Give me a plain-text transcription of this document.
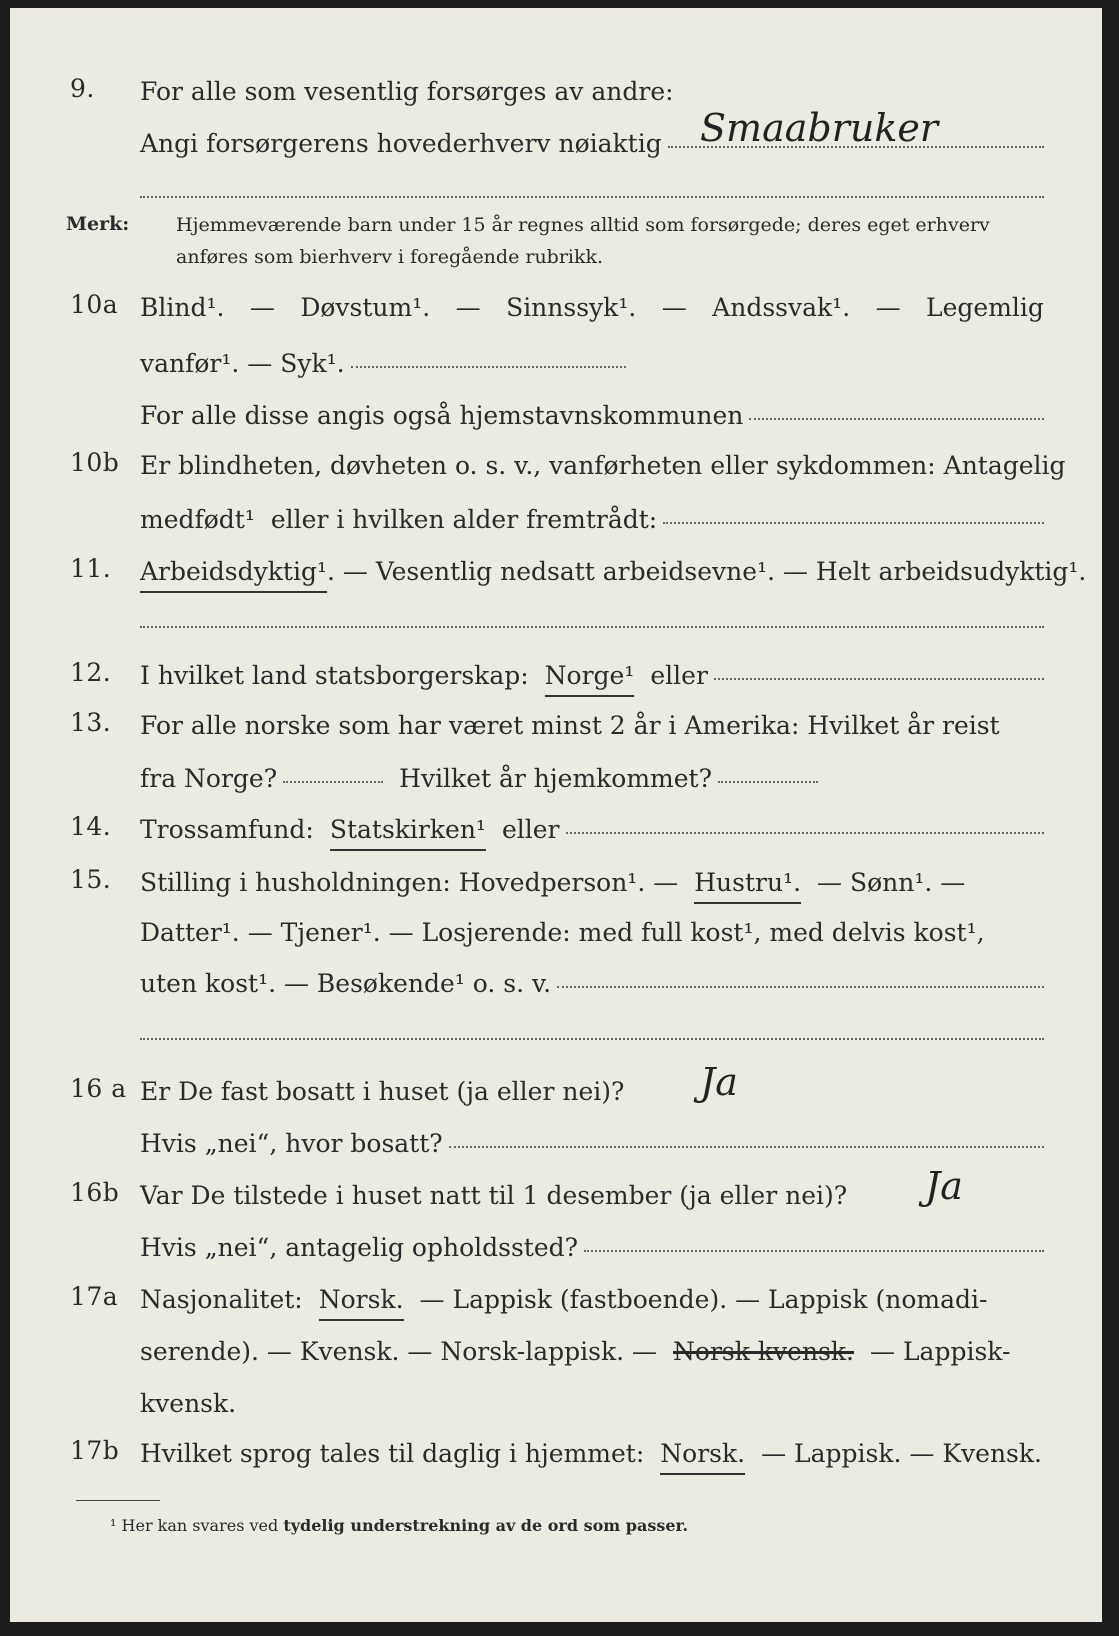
9. For alle som vesentlig forsørges av andre:
Angi forsørgerens hovederhverv nøiaktig Smaabruker
Merk: Hjemmeværende barn under 15 år regnes alltid som forsørgede; deres eget erhverv anføres som bierhverv i foregående rubrikk.
10a Blind¹. — Døvstum¹. — Sinnssyk¹. — Andssvak¹. — Legemlig
vanfør¹. — Syk¹.
For alle disse angis også hjemstavnskommunen
10b Er blindheten, døvheten o. s. v., vanførheten eller sykdommen: Antagelig
medfødt¹ eller i hvilken alder fremtrådt:
11. Arbeidsdyktig¹ . — Vesentlig nedsatt arbeidsevne¹. — Helt arbeidsudyktig¹.
12. I hvilket land statsborgerskap: Norge¹ eller
13. For alle norske som har været minst 2 år i Amerika: Hvilket år reist
fra Norge?	Hvilket år hjemkommet?
14. Trossamfund: Statskirken¹ eller
15. Stilling i husholdningen: Hovedperson¹. — Hustru¹. — Sønn¹. —
Datter¹. — Tjener¹. — Losjerende: med full kost¹, med delvis kost¹,
uten kost¹. — Besøkende¹ o. s. v.
16 a Er De fast bosatt i huset (ja eller nei)? Ja
Hvis „nei“, hvor bosatt?
16b Var De tilstede i huset natt til 1 desember (ja eller nei)? Ja
Hvis „nei“, antagelig opholdssted?
17a Nasjonalitet: Norsk. — Lappisk (fastboende). — Lappisk (nomadi-
serende). — Kvensk. — Norsk-lappisk. — Norsk-kvensk. — Lappisk-
kvensk.
17b Hvilket sprog tales til daglig i hjemmet: Norsk. — Lappisk. — Kvensk.
¹ Her kan svares ved tydelig understrekning av de ord som passer.
